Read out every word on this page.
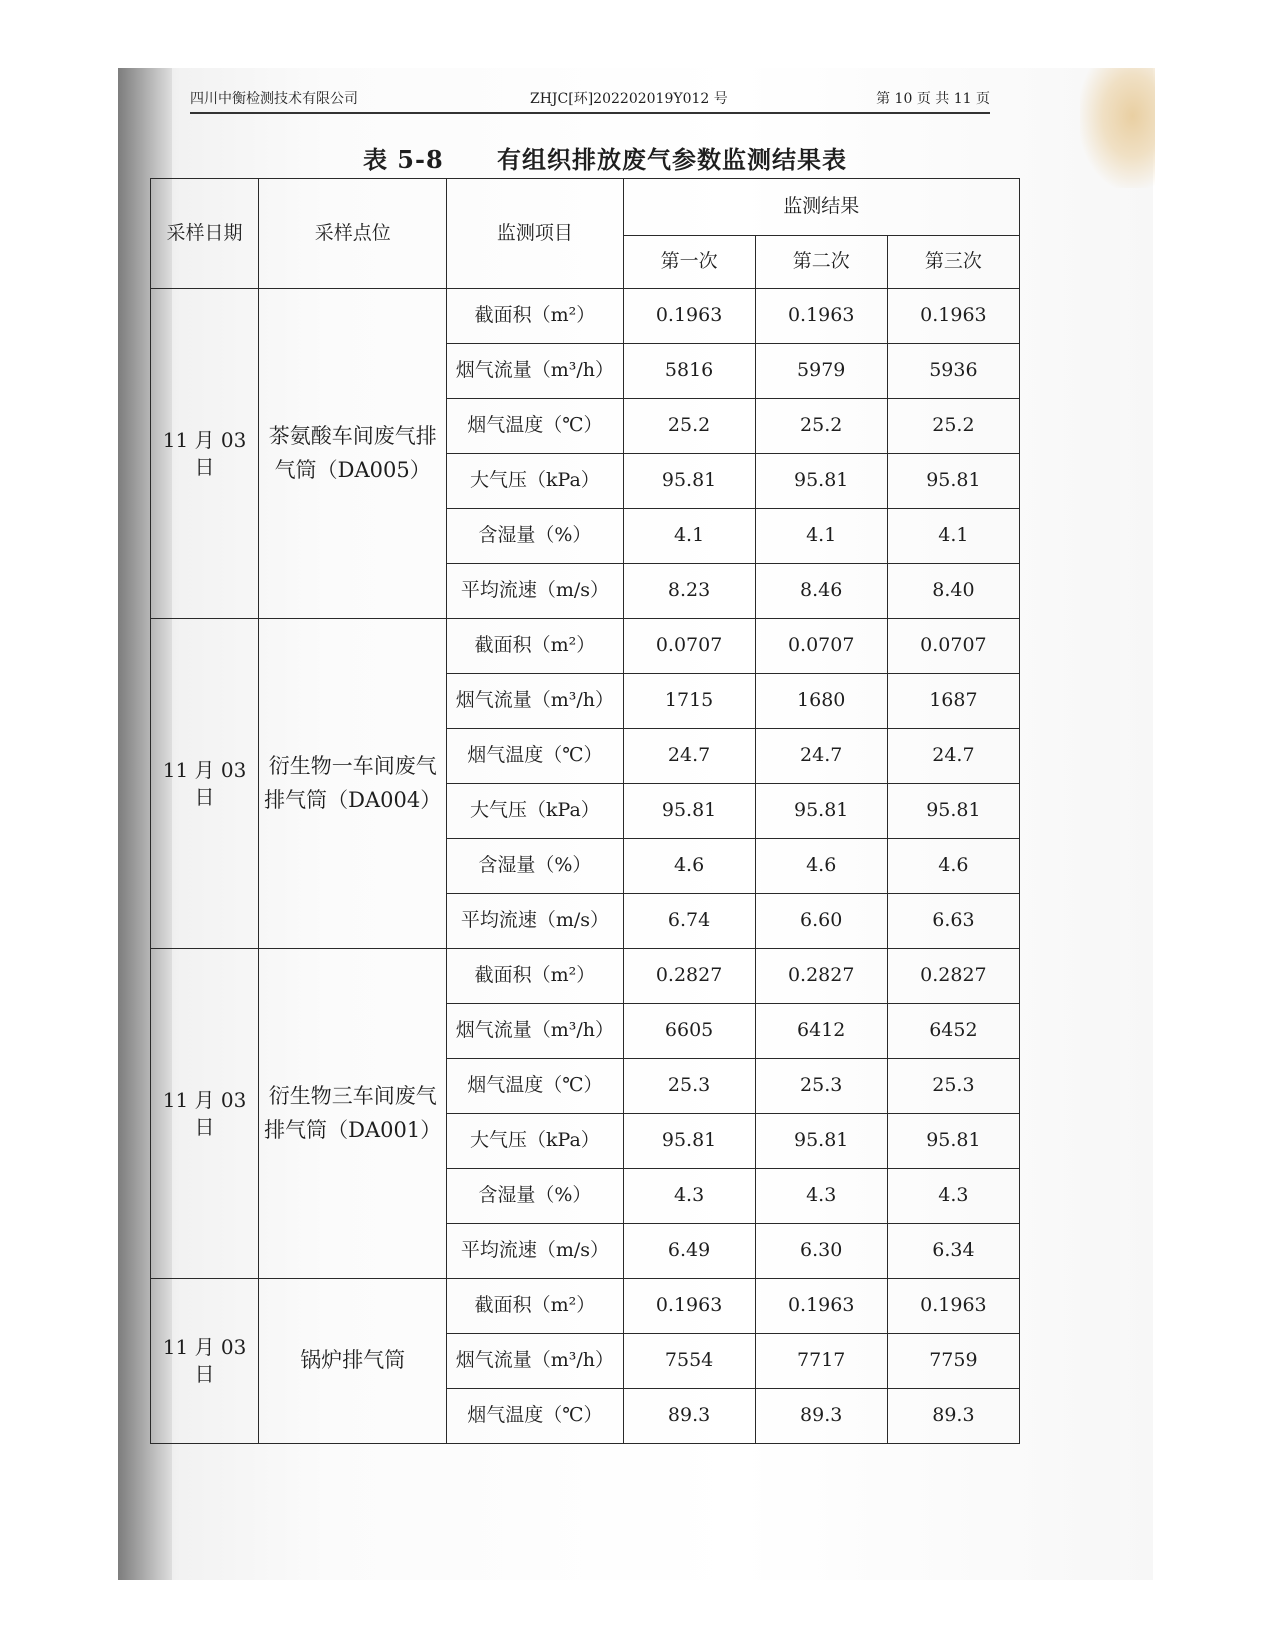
四川中衡检测技术有限公司	ZHJC[环]202202019Y012 号	第 10 页 共 11 页
表 5-8 有组织排放废气参数监测结果表
采样日期	采样点位	监测项目	监测结果		
			第一次	第二次	第三次
11 月 03 日	茶氨酸车间废气排气筒（DA005）	截面积（m²）	0.1963	0.1963	0.1963
		烟气流量（m³/h）	5816	5979	5936
		烟气温度（℃）	25.2	25.2	25.2
		大气压（kPa）	95.81	95.81	95.81
		含湿量（%）	4.1	4.1	4.1
		平均流速（m/s）	8.23	8.46	8.40
11 月 03 日	衍生物一车间废气排气筒（DA004）	截面积（m²）	0.0707	0.0707	0.0707
		烟气流量（m³/h）	1715	1680	1687
		烟气温度（℃）	24.7	24.7	24.7
		大气压（kPa）	95.81	95.81	95.81
		含湿量（%）	4.6	4.6	4.6
		平均流速（m/s）	6.74	6.60	6.63
11 月 03 日	衍生物三车间废气排气筒（DA001）	截面积（m²）	0.2827	0.2827	0.2827
		烟气流量（m³/h）	6605	6412	6452
		烟气温度（℃）	25.3	25.3	25.3
		大气压（kPa）	95.81	95.81	95.81
		含湿量（%）	4.3	4.3	4.3
		平均流速（m/s）	6.49	6.30	6.34
11 月 03 日	锅炉排气筒	截面积（m²）	0.1963	0.1963	0.1963
		烟气流量（m³/h）	7554	7717	7759
		烟气温度（℃）	89.3	89.3	89.3
